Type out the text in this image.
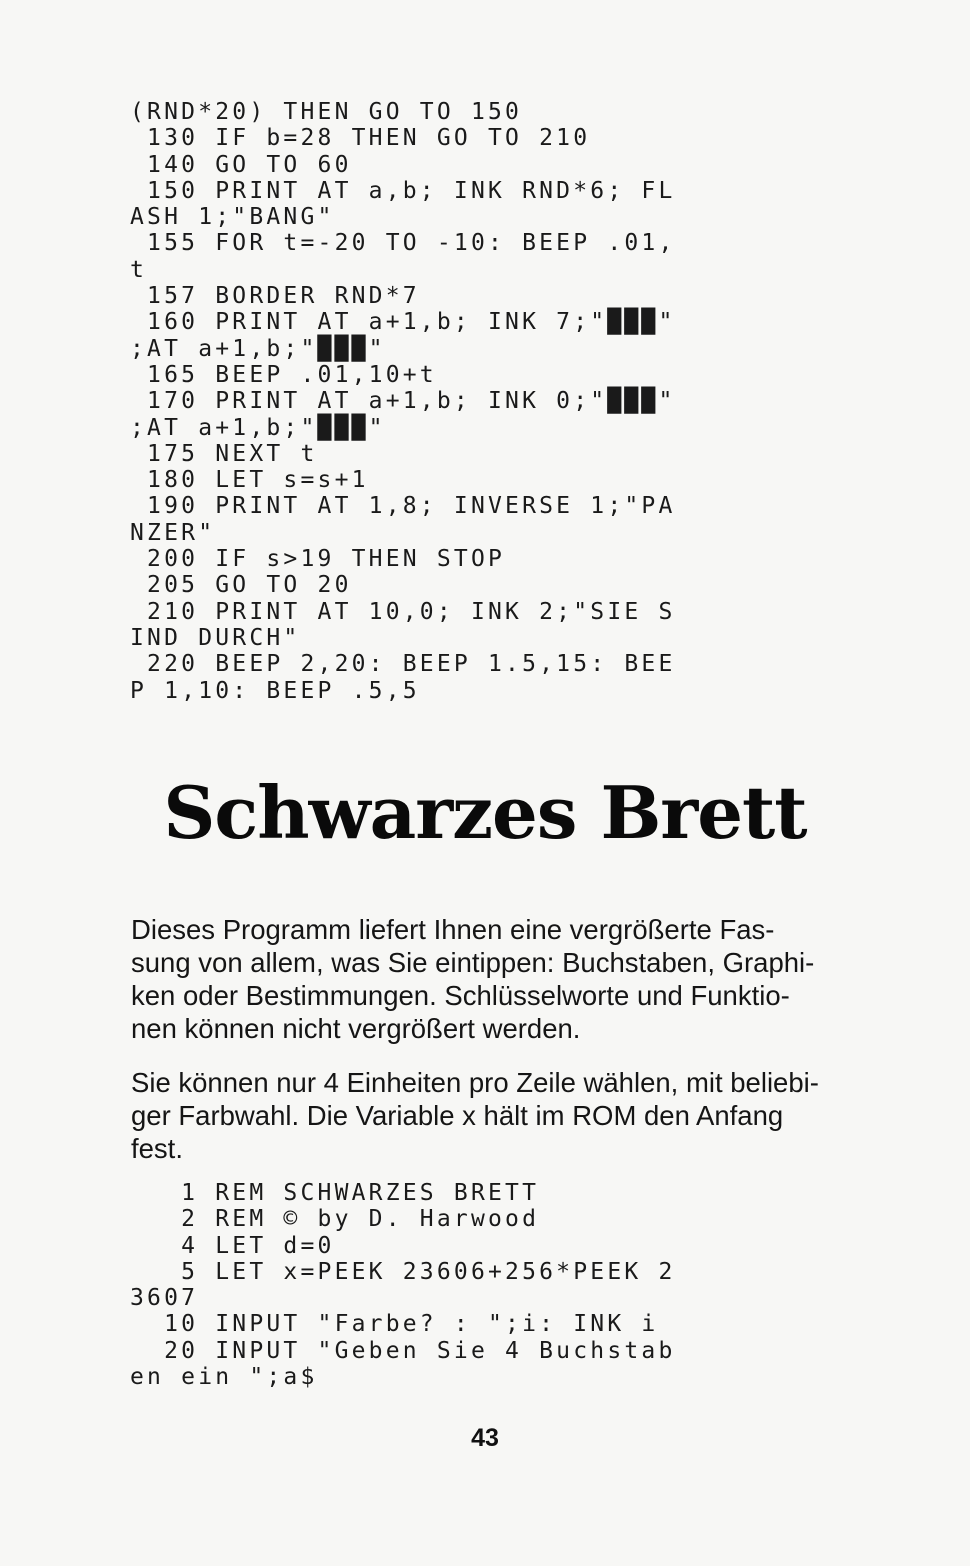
(RND*20) THEN GO TO 150
130 IF b=28 THEN GO TO 210
140 GO TO 60
150 PRINT AT a,b; INK RND*6; FL
ASH 1;"BANG"
155 FOR t=-20 TO -10: BEEP .01,
t
157 BORDER RND*7
160 PRINT AT a+1,b; INK 7;"███"
;AT a+1,b;"███"
165 BEEP .01,10+t
170 PRINT AT a+1,b; INK 0;"███"
;AT a+1,b;"███"
175 NEXT t
180 LET s=s+1
190 PRINT AT 1,8; INVERSE 1;"PA
NZER"
200 IF s>19 THEN STOP
205 GO TO 20
210 PRINT AT 10,0; INK 2;"SIE S
IND DURCH"
220 BEEP 2,20: BEEP 1.5,15: BEE
P 1,10: BEEP .5,5
Schwarzes Brett

Dieses Programm liefert Ihnen eine vergrößerte Fas-
sung von allem, was Sie eintippen: Buchstaben, Graphi-
ken oder Bestimmungen. Schlüsselworte und Funktio-
nen können nicht vergrößert werden.

Sie können nur 4 Einheiten pro Zeile wählen, mit beliebi-
ger Farbwahl. Die Variable x hält im ROM den Anfang
fest.

1 REM SCHWARZES BRETT
2 REM © by D. Harwood
4 LET d=0
5 LET x=PEEK 23606+256*PEEK 2
3607
10 INPUT "Farbe? : ";i: INK i
20 INPUT "Geben Sie 4 Buchstab
en ein ";a$
43
